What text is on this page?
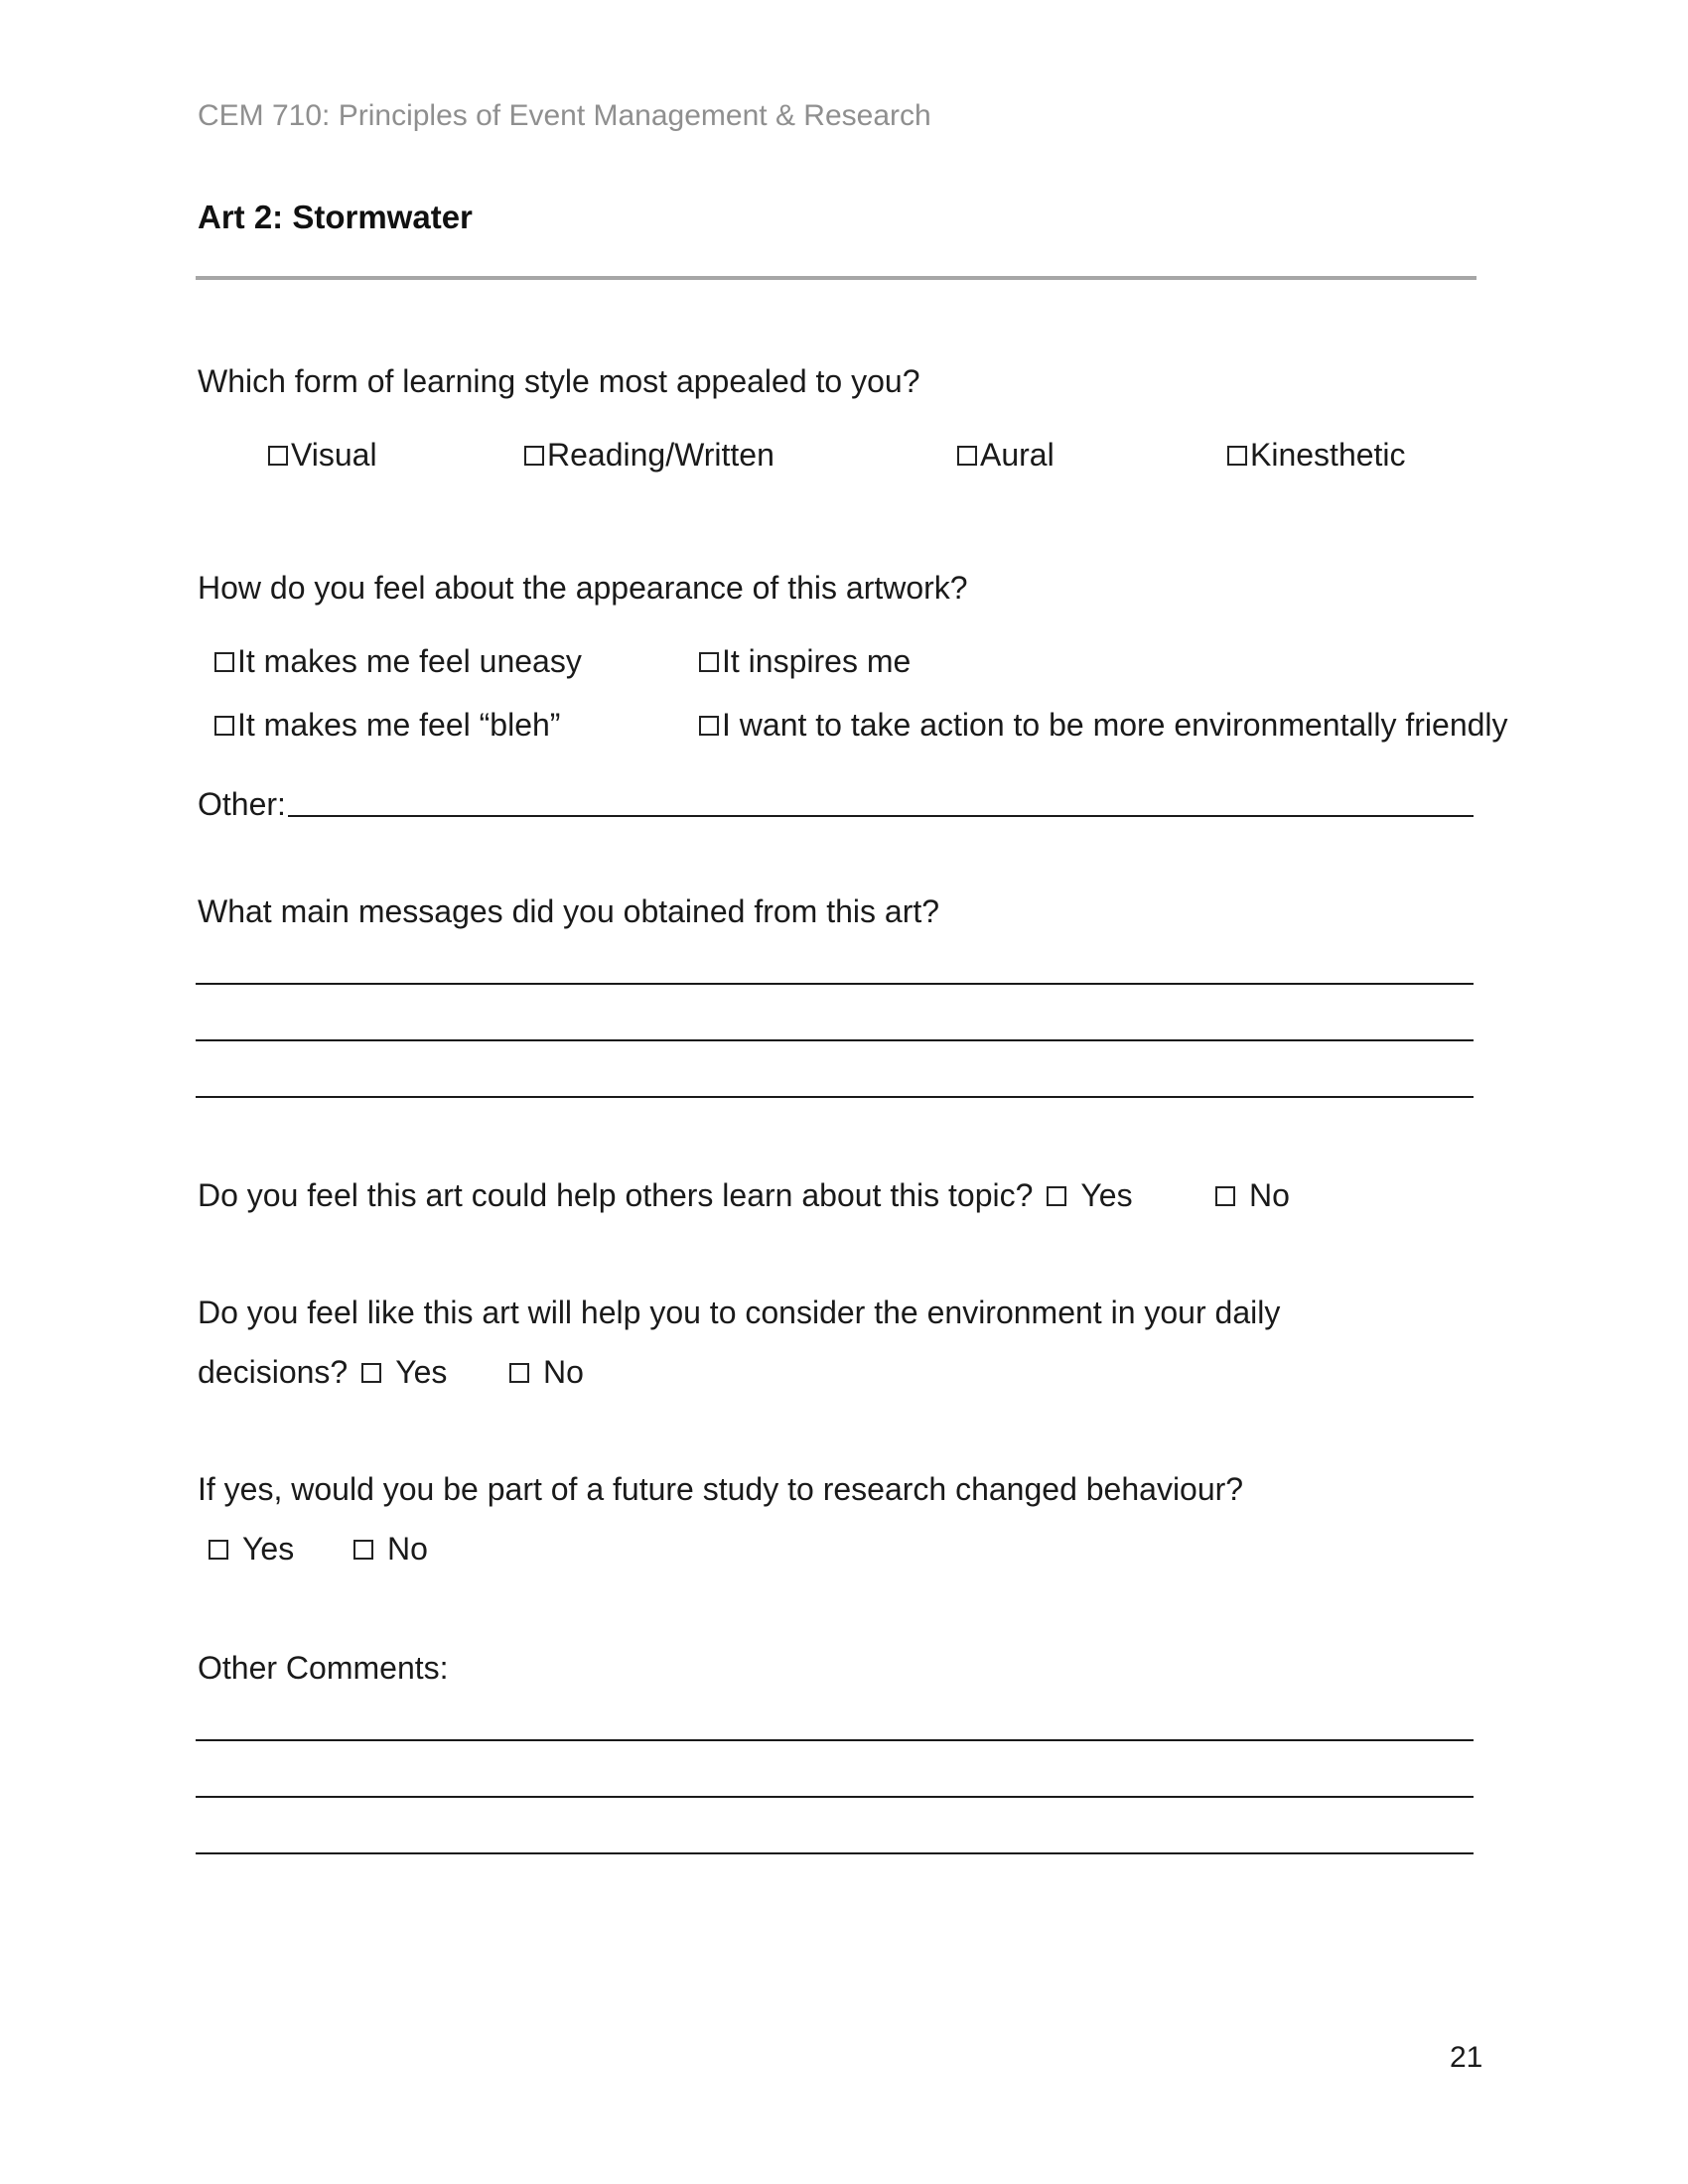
CEM 710: Principles of Event Management & Research
Art 2: Stormwater
Which form of learning style most appealed to you?
Visual	Reading/Written	Aural	Kinesthetic
How do you feel about the appearance of this artwork?
It makes me feel uneasy	It inspires me
It makes me feel “bleh”	I want to take action to be more environmentally friendly
Other:
What main messages did you obtained from this art?
Do you feel this art could help others learn about this topic? Yes	No
Do you feel like this art will help you to consider the environment in your daily
decisions? Yes	No
If yes, would you be part of a future study to research changed behaviour?
Yes	No
Other Comments:
21
